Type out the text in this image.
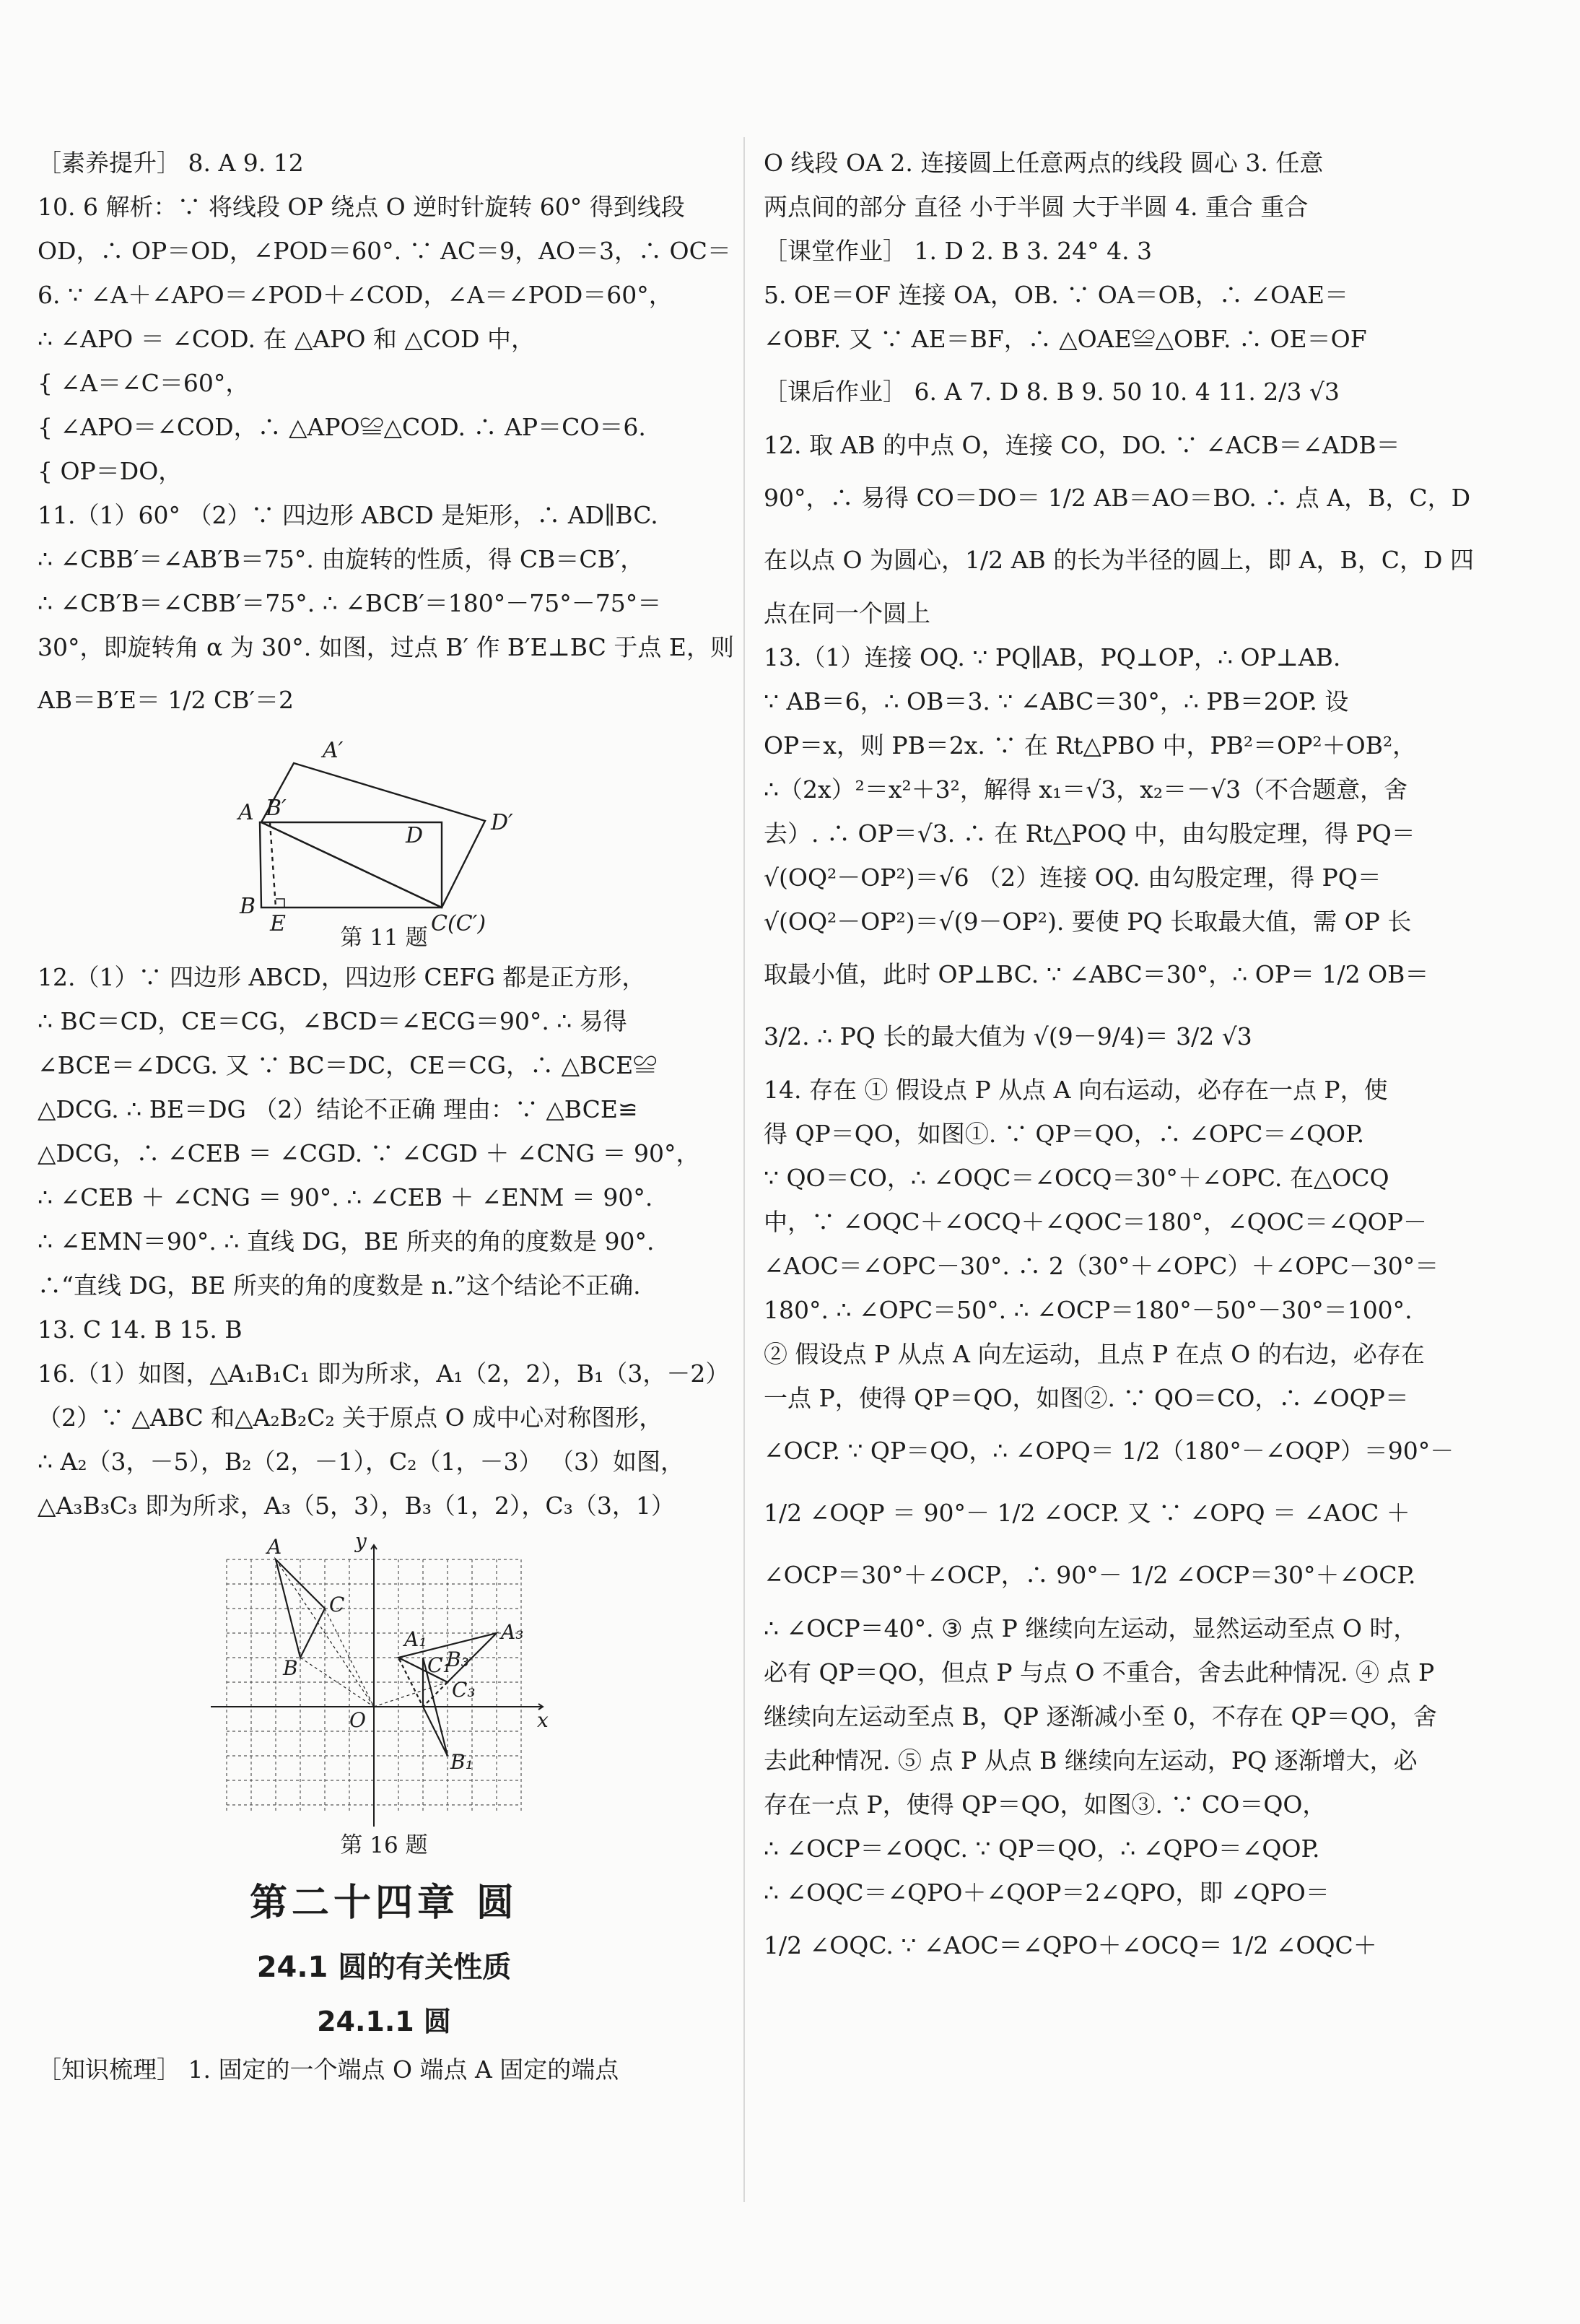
［素养提升］ 8. A 9. 12
10. 6 解析：∵ 将线段 OP 绕点 O 逆时针旋转 60° 得到线段
OD，∴ OP＝OD，∠POD＝60°. ∵ AC＝9，AO＝3，∴ OC＝
6. ∵ ∠A＋∠APO＝∠POD＋∠COD，∠A＝∠POD＝60°，
∴ ∠APO ＝ ∠COD. 在 △APO 和 △COD 中，
{ ∠A＝∠C＝60°，
{ ∠APO＝∠COD，∴ △APO≌△COD. ∴ AP＝CO＝6.
{ OP＝DO，
11.（1）60° （2）∵ 四边形 ABCD 是矩形，∴ AD∥BC.
∴ ∠CBB′＝∠AB′B＝75°. 由旋转的性质，得 CB＝CB′，
∴ ∠CB′B＝∠CBB′＝75°. ∴ ∠BCB′＝180°－75°－75°＝
30°，即旋转角 α 为 30°. 如图，过点 B′ 作 B′E⊥BC 于点 E，则
AB＝B′E＝ 1/2 CB′＝2
A′
A B′
D
D′
B
E	C(C′)
第 11 题
12.（1）∵ 四边形 ABCD，四边形 CEFG 都是正方形，
∴ BC＝CD，CE＝CG，∠BCD＝∠ECG＝90°. ∴ 易得
∠BCE＝∠DCG. 又 ∵ BC＝DC，CE＝CG，∴ △BCE≌
△DCG. ∴ BE＝DG （2）结论不正确 理由：∵ △BCE≌
△DCG，∴ ∠CEB ＝ ∠CGD. ∵ ∠CGD ＋ ∠CNG ＝ 90°，
∴ ∠CEB ＋ ∠CNG ＝ 90°. ∴ ∠CEB ＋ ∠ENM ＝ 90°.
∴ ∠EMN＝90°. ∴ 直线 DG，BE 所夹的角的度数是 90°.
∴“直线 DG，BE 所夹的角的度数是 n.”这个结论不正确.
13. C 14. B 15. B
16.（1）如图，△A₁B₁C₁ 即为所求，A₁（2，2），B₁（3，－2）
（2）∵ △ABC 和△A₂B₂C₂ 关于原点 O 成中心对称图形，
∴ A₂（3，－5），B₂（2，－1），C₂（1，－3） （3）如图，
△A₃B₃C₃ 即为所求，A₃（5，3），B₃（1，2），C₃（3，1）
A
C
B
A₁
C₁
A₃
C₃
B₃
O	x
y
B₁
第 16 题
第二十四章 圆
24.1 圆的有关性质
24.1.1 圆
［知识梳理］ 1. 固定的一个端点 O 端点 A 固定的端点
O 线段 OA 2. 连接圆上任意两点的线段 圆心 3. 任意
两点间的部分 直径 小于半圆 大于半圆 4. 重合 重合
［课堂作业］ 1. D 2. B 3. 24° 4. 3
5. OE＝OF 连接 OA，OB. ∵ OA＝OB，∴ ∠OAE＝
∠OBF. 又 ∵ AE＝BF，∴ △OAE≌△OBF. ∴ OE＝OF
［课后作业］ 6. A 7. D 8. B 9. 50 10. 4 11. 2/3 √3
12. 取 AB 的中点 O，连接 CO，DO. ∵ ∠ACB＝∠ADB＝
90°，∴ 易得 CO＝DO＝ 1/2 AB＝AO＝BO. ∴ 点 A，B，C，D
在以点 O 为圆心，1/2 AB 的长为半径的圆上，即 A，B，C，D 四
点在同一个圆上
13.（1）连接 OQ. ∵ PQ∥AB，PQ⊥OP，∴ OP⊥AB.
∵ AB＝6，∴ OB＝3. ∵ ∠ABC＝30°，∴ PB＝2OP. 设
OP＝x，则 PB＝2x. ∵ 在 Rt△PBO 中，PB²＝OP²＋OB²，
∴（2x）²＝x²＋3²，解得 x₁＝√3，x₂＝－√3（不合题意，舍
去）. ∴ OP＝√3. ∴ 在 Rt△POQ 中，由勾股定理，得 PQ＝
√(OQ²－OP²)＝√6 （2）连接 OQ. 由勾股定理，得 PQ＝
√(OQ²－OP²)＝√(9－OP²). 要使 PQ 长取最大值，需 OP 长
取最小值，此时 OP⊥BC. ∵ ∠ABC＝30°，∴ OP＝ 1/2 OB＝
3/2. ∴ PQ 长的最大值为 √(9－9/4)＝ 3/2 √3
14. 存在 ① 假设点 P 从点 A 向右运动，必存在一点 P，使
得 QP＝QO，如图①. ∵ QP＝QO，∴ ∠OPC＝∠QOP.
∵ QO＝CO，∴ ∠OQC＝∠OCQ＝30°＋∠OPC. 在△OCQ
中，∵ ∠OQC＋∠OCQ＋∠QOC＝180°，∠QOC＝∠QOP－
∠AOC＝∠OPC－30°. ∴ 2（30°＋∠OPC）＋∠OPC－30°＝
180°. ∴ ∠OPC＝50°. ∴ ∠OCP＝180°－50°－30°＝100°.
② 假设点 P 从点 A 向左运动，且点 P 在点 O 的右边，必存在
一点 P，使得 QP＝QO，如图②. ∵ QO＝CO，∴ ∠OQP＝
∠OCP. ∵ QP＝QO，∴ ∠OPQ＝ 1/2（180°－∠OQP）＝90°－
1/2 ∠OQP ＝ 90°－ 1/2 ∠OCP. 又 ∵ ∠OPQ ＝ ∠AOC ＋
∠OCP＝30°＋∠OCP，∴ 90°－ 1/2 ∠OCP＝30°＋∠OCP.
∴ ∠OCP＝40°. ③ 点 P 继续向左运动，显然运动至点 O 时，
必有 QP＝QO，但点 P 与点 O 不重合，舍去此种情况. ④ 点 P
继续向左运动至点 B，QP 逐渐减小至 0，不存在 QP＝QO，舍
去此种情况. ⑤ 点 P 从点 B 继续向左运动，PQ 逐渐增大，必
存在一点 P，使得 QP＝QO，如图③. ∵ CO＝QO，
∴ ∠OCP＝∠OQC. ∵ QP＝QO，∴ ∠QPO＝∠QOP.
∴ ∠OQC＝∠QPO＋∠QOP＝2∠QPO，即 ∠QPO＝
1/2 ∠OQC. ∵ ∠AOC＝∠QPO＋∠OCQ＝ 1/2 ∠OQC＋
